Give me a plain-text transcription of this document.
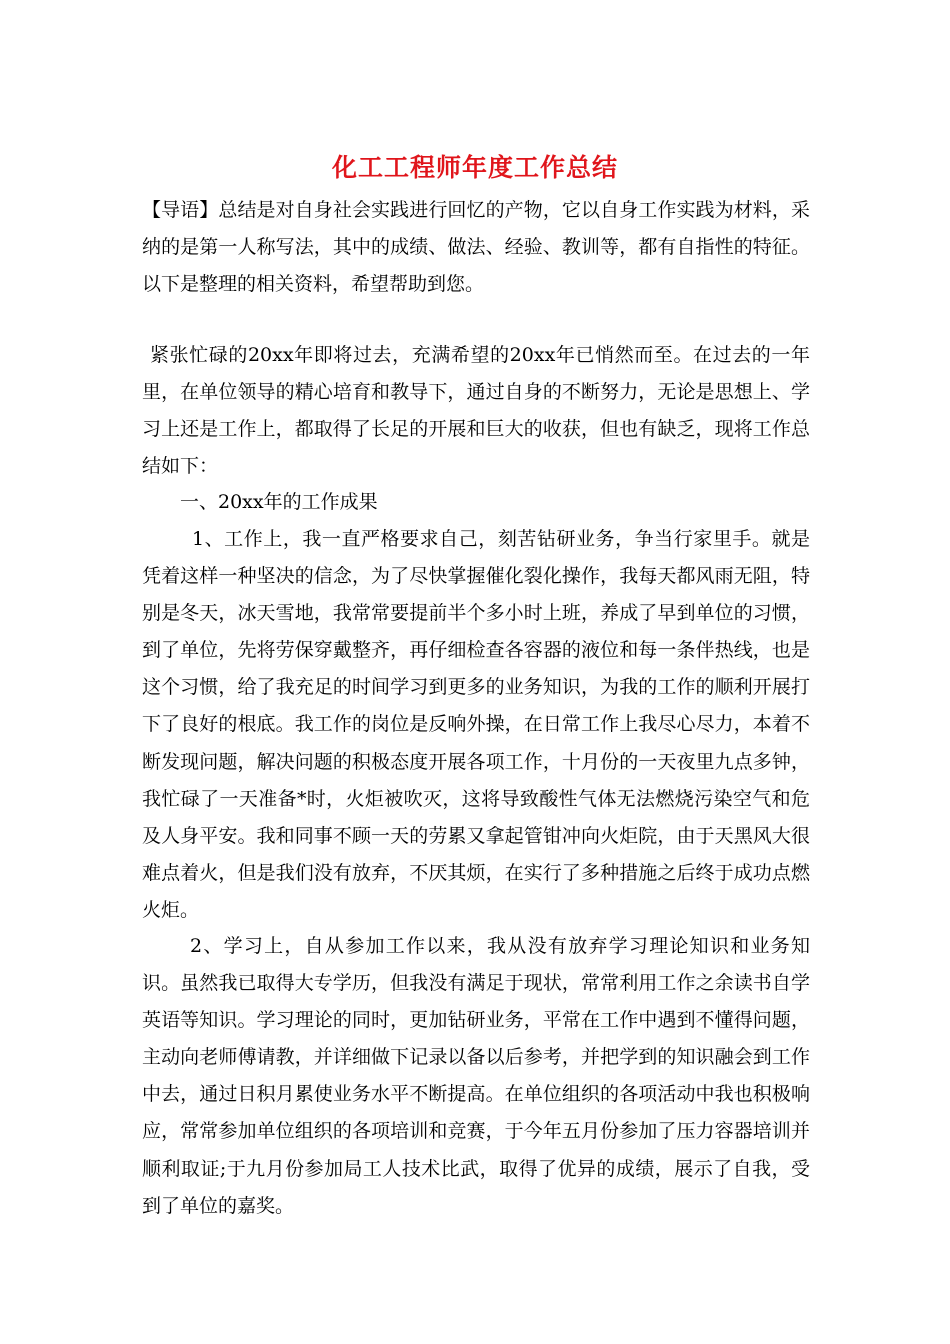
化工工程师年度工作总结
【导语】总结是对自身社会实践进行回忆的产物，它以自身工作实践为材料，采纳的是第一人称写法，其中的成绩、做法、经验、教训等，都有自指性的特征。以下是整理的相关资料，希望帮助到您。
紧张忙碌的20xx年即将过去，充满希望的20xx年已悄然而至。在过去的一年里，在单位领导的精心培育和教导下，通过自身的不断努力，无论是思想上、学习上还是工作上，都取得了长足的开展和巨大的收获，但也有缺乏，现将工作总结如下：
一、20xx年的工作成果
1、工作上，我一直严格要求自己，刻苦钻研业务，争当行家里手。就是凭着这样一种坚决的信念，为了尽快掌握催化裂化操作，我每天都风雨无阻，特别是冬天，冰天雪地，我常常要提前半个多小时上班，养成了早到单位的习惯，到了单位，先将劳保穿戴整齐，再仔细检查各容器的液位和每一条伴热线，也是这个习惯，给了我充足的时间学习到更多的业务知识，为我的工作的顺利开展打下了良好的根底。我工作的岗位是反响外操，在日常工作上我尽心尽力，本着不断发现问题，解决问题的积极态度开展各项工作，十月份的一天夜里九点多钟，我忙碌了一天准备*时，火炬被吹灭，这将导致酸性气体无法燃烧污染空气和危及人身平安。我和同事不顾一天的劳累又拿起管钳冲向火炬院，由于天黑风大很难点着火，但是我们没有放弃，不厌其烦，在实行了多种措施之后终于成功点燃火炬。
2、学习上，自从参加工作以来，我从没有放弃学习理论知识和业务知识。虽然我已取得大专学历，但我没有满足于现状，常常利用工作之余读书自学英语等知识。学习理论的同时，更加钻研业务，平常在工作中遇到不懂得问题，主动向老师傅请教，并详细做下记录以备以后参考，并把学到的知识融会到工作中去，通过日积月累使业务水平不断提高。在单位组织的各项活动中我也积极响应，常常参加单位组织的各项培训和竞赛，于今年五月份参加了压力容器培训并顺利取证;于九月份参加局工人技术比武，取得了优异的成绩，展示了自我，受到了单位的嘉奖。
